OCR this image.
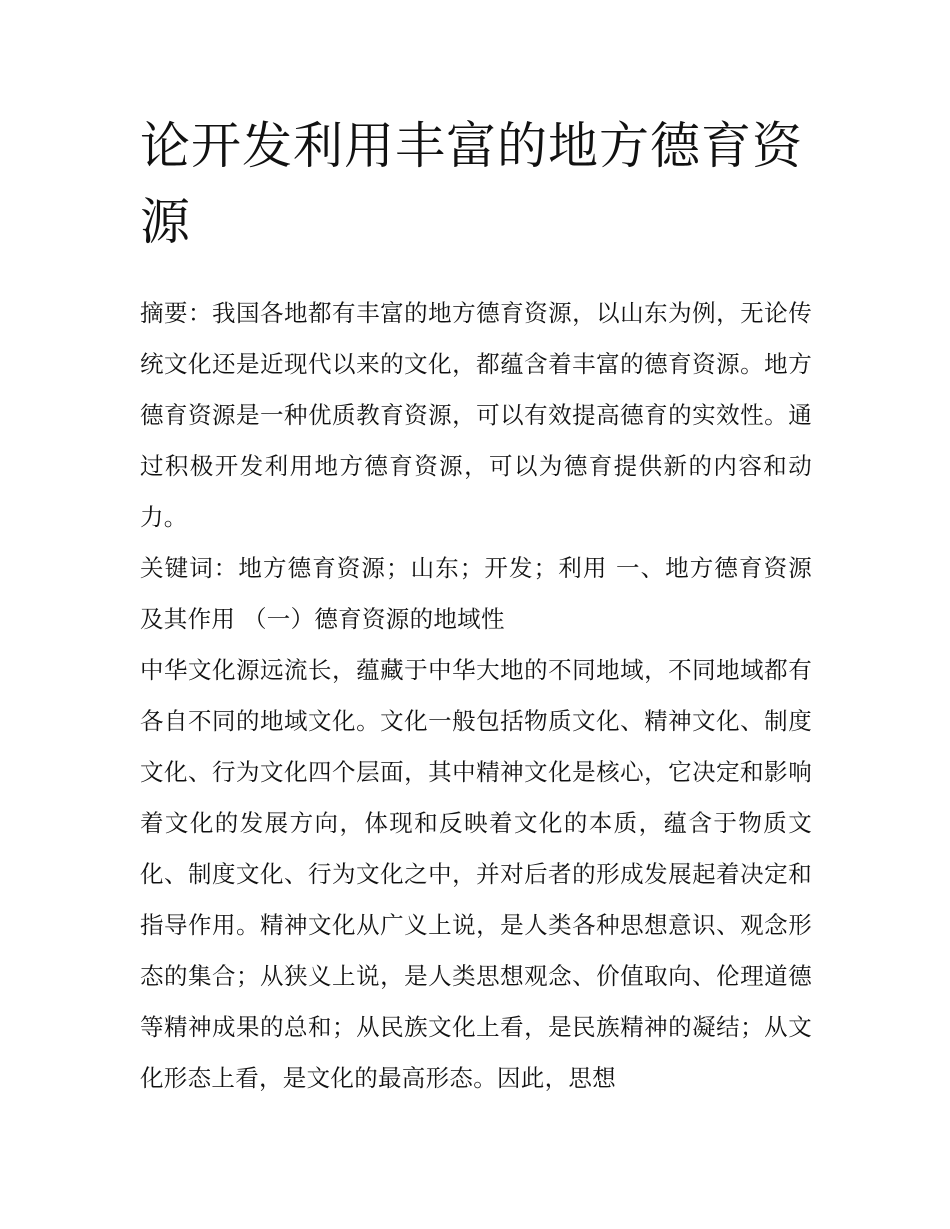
论开发利用丰富的地方德育资源

摘要：我国各地都有丰富的地方德育资源，以山东为例，无论传统文化还是近现代以来的文化，都蕴含着丰富的德育资源。地方德育资源是一种优质教育资源，可以有效提高德育的实效性。通过积极开发利用地方德育资源，可以为德育提供新的内容和动力。

关键词：地方德育资源；山东；开发；利用 一、地方德育资源及其作用 （一）德育资源的地域性

中华文化源远流长，蕴藏于中华大地的不同地域，不同地域都有各自不同的地域文化。文化一般包括物质文化、精神文化、制度文化、行为文化四个层面，其中精神文化是核心，它决定和影响着文化的发展方向，体现和反映着文化的本质，蕴含于物质文化、制度文化、行为文化之中，并对后者的形成发展起着决定和指导作用。精神文化从广义上说，是人类各种思想意识、观念形态的集合；从狭义上说，是人类思想观念、价值取向、伦理道德等精神成果的总和；从民族文化上看，是民族精神的凝结；从文化形态上看，是文化的最高形态。因此，思想
